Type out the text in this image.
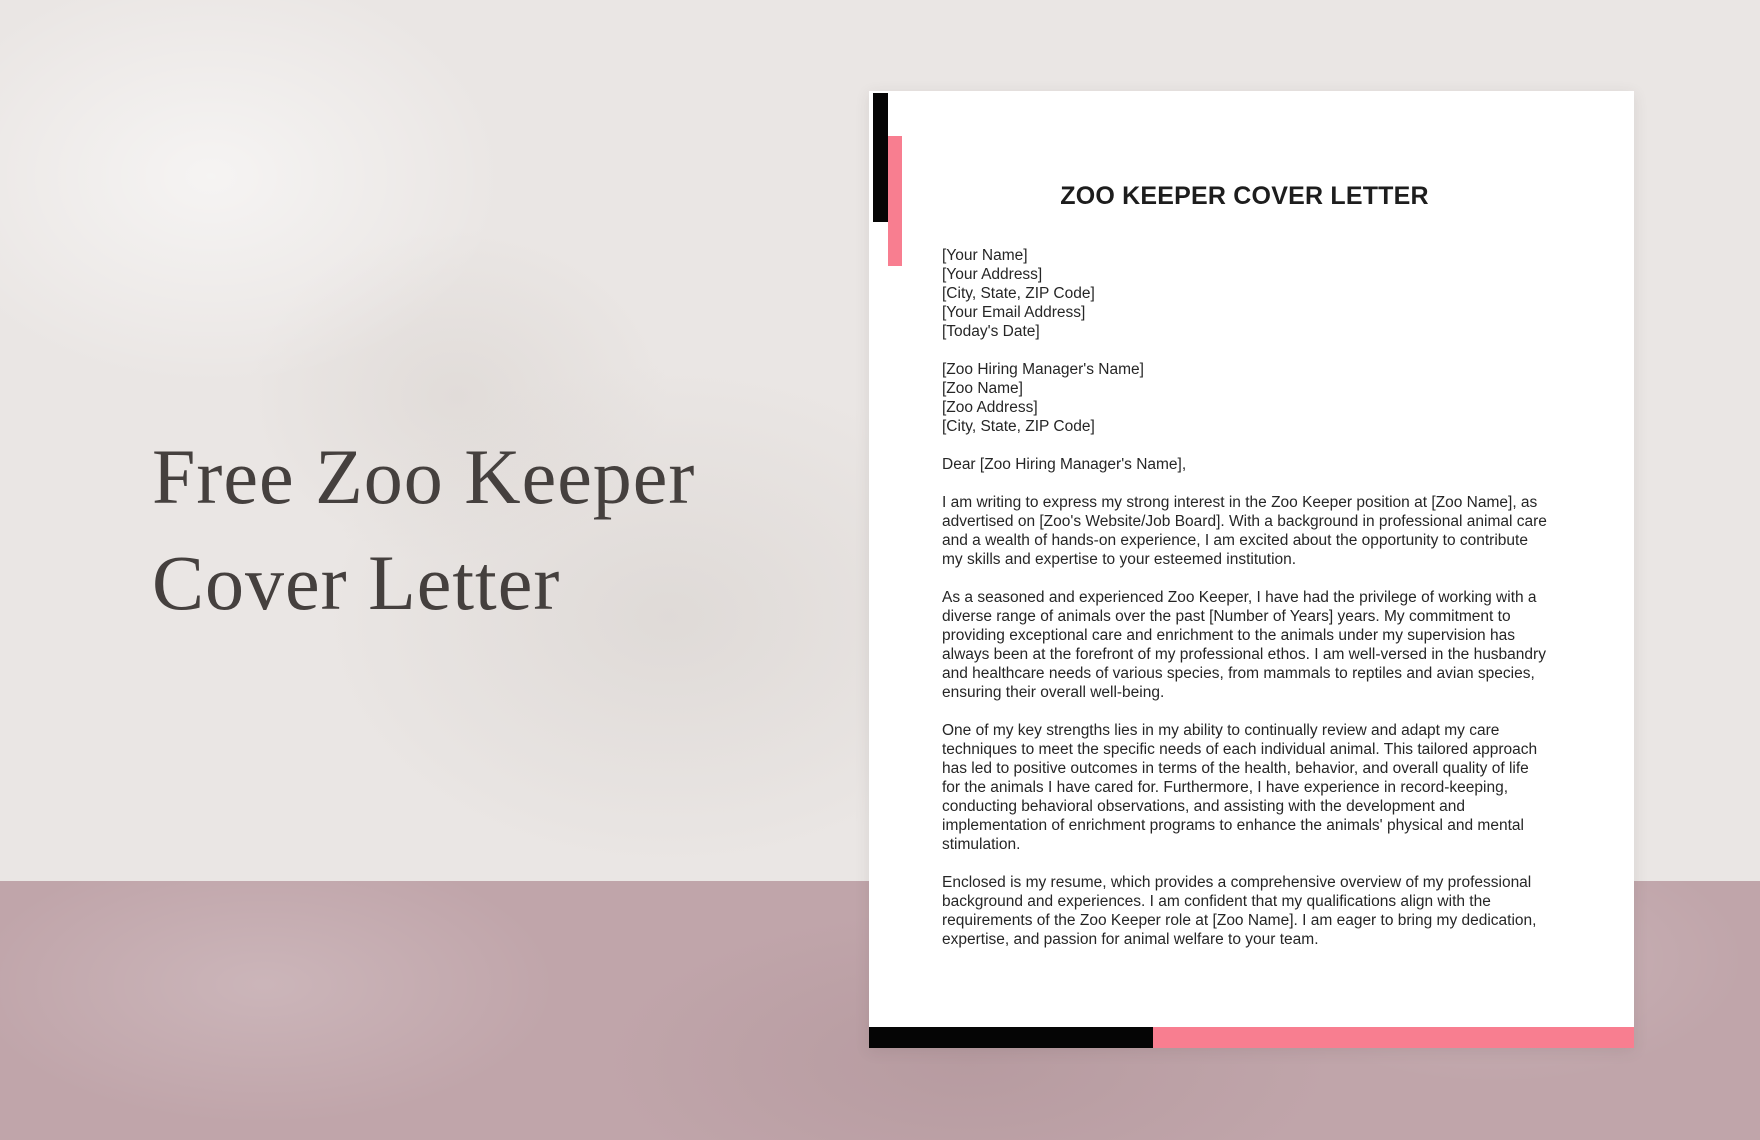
Free Zoo Keeper
Cover Letter
ZOO KEEPER COVER LETTER
[Your Name]
[Your Address]
[City, State, ZIP Code]
[Your Email Address]
[Today's Date]
[Zoo Hiring Manager's Name]
[Zoo Name]
[Zoo Address]
[City, State, ZIP Code]

Dear [Zoo Hiring Manager's Name],

I am writing to express my strong interest in the Zoo Keeper position at [Zoo Name], as advertised on [Zoo's Website/Job Board]. With a background in professional animal care and a wealth of hands-on experience, I am excited about the opportunity to contribute my skills and expertise to your esteemed institution.

As a seasoned and experienced Zoo Keeper, I have had the privilege of working with a diverse range of animals over the past [Number of Years] years. My commitment to providing exceptional care and enrichment to the animals under my supervision has always been at the forefront of my professional ethos. I am well-versed in the husbandry and healthcare needs of various species, from mammals to reptiles and avian species, ensuring their overall well-being.

One of my key strengths lies in my ability to continually review and adapt my care techniques to meet the specific needs of each individual animal. This tailored approach has led to positive outcomes in terms of the health, behavior, and overall quality of life for the animals I have cared for. Furthermore, I have experience in record-keeping, conducting behavioral observations, and assisting with the development and implementation of enrichment programs to enhance the animals' physical and mental stimulation.

Enclosed is my resume, which provides a comprehensive overview of my professional background and experiences. I am confident that my qualifications align with the requirements of the Zoo Keeper role at [Zoo Name]. I am eager to bring my dedication, expertise, and passion for animal welfare to your team.
